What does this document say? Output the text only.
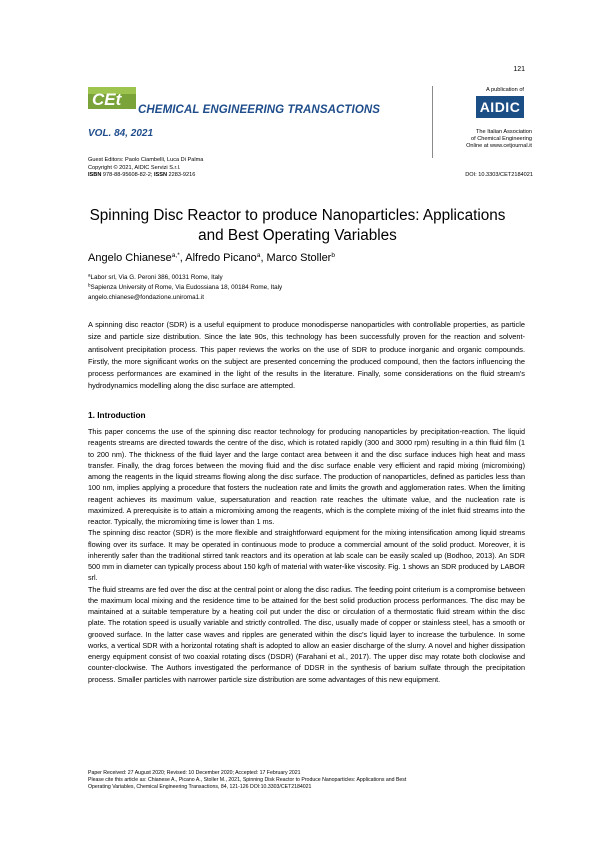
121
CEt
CHEMICAL ENGINEERING TRANSACTIONS
VOL. 84, 2021
A publication of
AIDIC
The Italian Association
of Chemical Engineering
Online at www.cetjournal.it
Guest Editors: Paolo Ciambelli, Luca Di Palma
Copyright © 2021, AIDIC Servizi S.r.l.
ISBN 978-88-95608-82-2; ISSN 2283-9216	DOI: 10.3303/CET2184021
Spinning Disc Reactor to produce Nanoparticles: Applications
and Best Operating Variables
Angelo Chianese$^{a,*}$, Alfredo Picano$^a$, Marco Stoller$^b$
$^a$Labor srl, Via G. Peroni 386, 00131 Rome, Italy
$^b$Sapienza University of Rome, Via Eudossiana 18, 00184 Rome, Italy
angelo.chianese@fondazione.uniroma1.it
A spinning disc reactor (SDR) is a useful equipment to produce monodisperse nanoparticles with controllable properties, as particle size and particle size distribution. Since the late 90s, this technology has been successfully proven for the reaction and solvent-antisolvent precipitation process. This paper reviews the works on the use of SDR to produce inorganic and organic compounds. Firstly, the more significant works on the subject are presented concerning the produced compound, then the factors influencing the process performances are examined in the light of the results in the literature. Finally, some considerations on the fluid stream's hydrodynamics modelling along the disc surface are attempted.
1. Introduction

This paper concerns the use of the spinning disc reactor technology for producing nanoparticles by precipitation-reaction. The liquid reagents streams are directed towards the centre of the disc, which is rotated rapidly (300 and 3000 rpm) resulting in a thin fluid film (1 to 200 nm). The thickness of the fluid layer and the large contact area between it and the disc surface induces high heat and mass transfer. Finally, the drag forces between the moving fluid and the disc surface enable very efficient and rapid mixing (micromixing) among the reagents in the liquid streams flowing along the disc surface. The production of nanoparticles, defined as particles less than 100 nm, implies applying a procedure that fosters the nucleation rate and limits the growth and agglomeration rates. When the limiting reagent achieves its maximum value, supersaturation and reaction rate reaches the ultimate value, and the nucleation rate is maximized. A prerequisite is to attain a micromixing among the reagents, which is the complete mixing of the inlet fluid streams into the reactor. Typically, the micromixing time is lower than 1 ms.

The spinning disc reactor (SDR) is the more flexible and straightforward equipment for the mixing intensification among liquid streams flowing over its surface. It may be operated in continuous mode to produce a commercial amount of the solid product. Moreover, it is inherently safer than the traditional stirred tank reactors and its operation at lab scale can be easily scaled up (Bodhoo, 2013). An SDR 500 mm in diameter can typically process about 150 kg/h of material with water-like viscosity. Fig. 1 shows an SDR produced by LABOR srl.

The fluid streams are fed over the disc at the central point or along the disc radius. The feeding point criterium is a compromise between the maximum local mixing and the residence time to be attained for the best solid production process performances. The disc may be maintained at a suitable temperature by a heating coil put under the disc or circulation of a thermostatic fluid stream within the disc plate. The rotation speed is usually variable and strictly controlled. The disc, usually made of copper or stainless steel, has a smooth or grooved surface. In the latter case waves and ripples are generated within the disc's liquid layer to increase the turbulence. In some works, a vertical SDR with a horizontal rotating shaft is adopted to allow an easier discharge of the slurry. A novel and higher dissipation energy equipment consist of two coaxial rotating discs (DSDR) (Farahani et al., 2017). The upper disc may rotate both clockwise and counter-clockwise. The Authors investigated the performance of DDSR in the synthesis of barium sulfate through the precipitation process. Smaller particles with narrower particle size distribution are some advantages of this new equipment.

Paper Received: 27 August 2020; Revised: 10 December 2020; Accepted: 17 February 2021
Please cite this article as: Chianese A., Picano A., Stoller M., 2021, Spinning Disk Reactor to Produce Nanoparticles: Applications and Best
Operating Variables, Chemical Engineering Transactions, 84, 121-126 DOI:10.3303/CET2184021
